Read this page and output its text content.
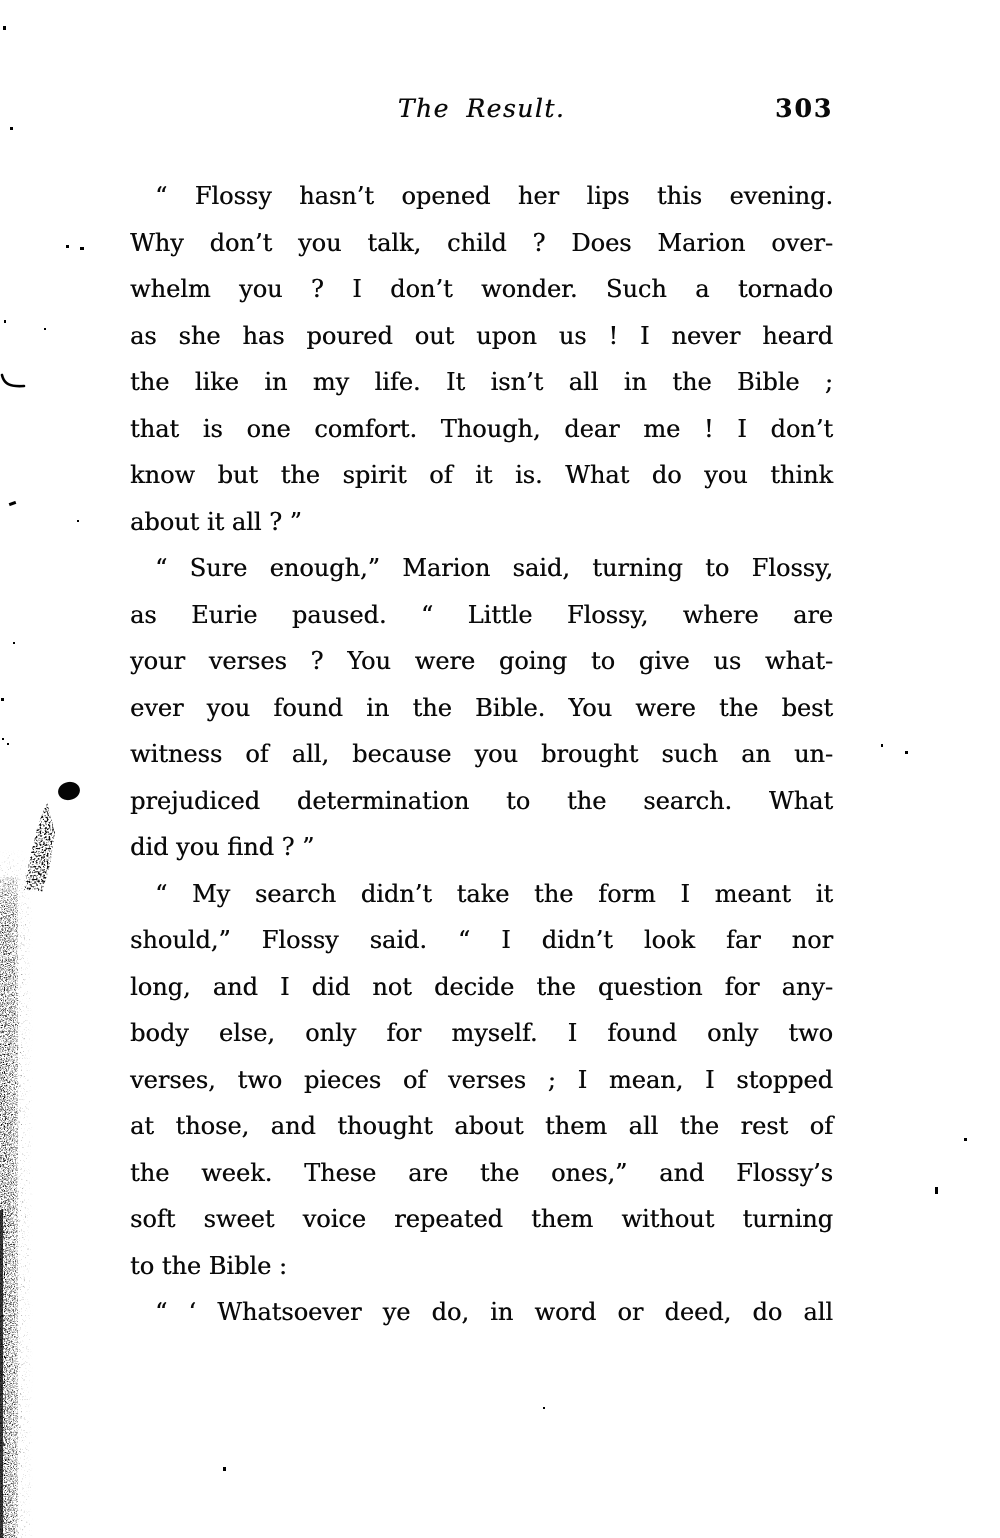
The Result.	303

“ Flossy hasn’t opened her lips this evening.
Why don’t you talk, child ? Does Marion over-
whelm you ? I don’t wonder. Such a tornado
as she has poured out upon us ! I never heard
the like in my life. It isn’t all in the Bible ;
that is one comfort. Though, dear me ! I don’t
know but the spirit of it is. What do you think
about it all ? ”

“ Sure enough,” Marion said, turning to Flossy,
as Eurie paused. “ Little Flossy, where are
your verses ? You were going to give us what-
ever you found in the Bible. You were the best
witness of all, because you brought such an un-
prejudiced determination to the search. What
did you find ? ”

“ My search didn’t take the form I meant it
should,” Flossy said. “ I didn’t look far nor
long, and I did not decide the question for any-
body else, only for myself. I found only two
verses, two pieces of verses ; I mean, I stopped
at those, and thought about them all the rest of
the week. These are the ones,” and Flossy’s
soft sweet voice repeated them without turning
to the Bible :

“ ‘ Whatsoever ye do, in word or deed, do all
